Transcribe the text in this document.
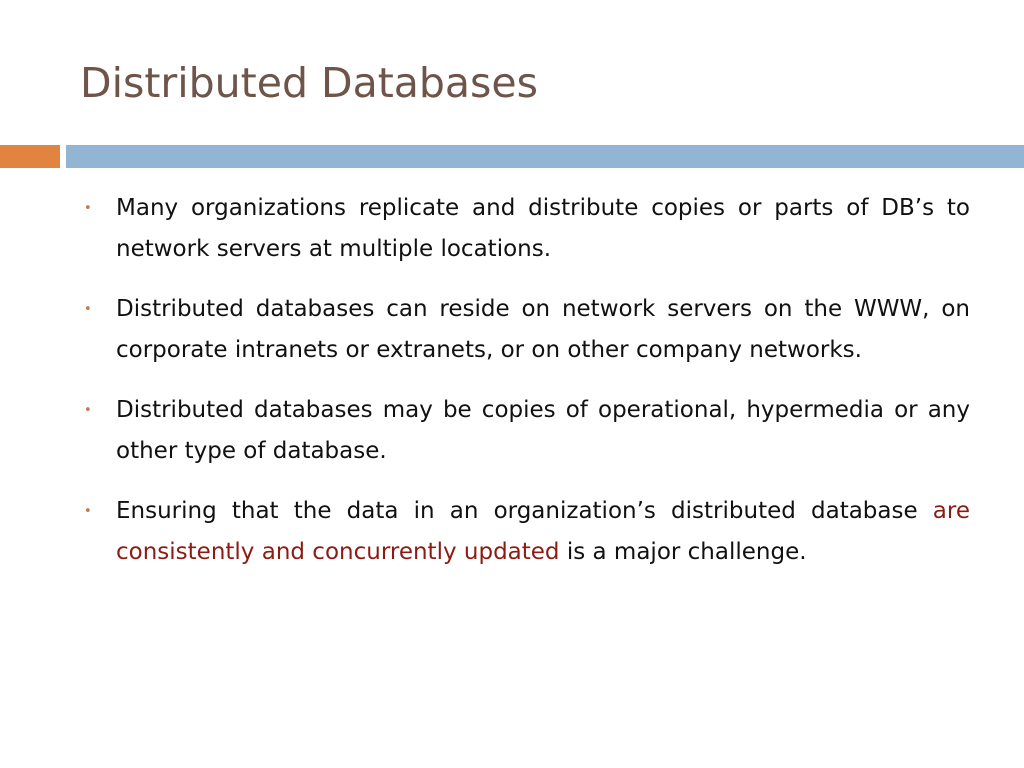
Distributed Databases
• Many organizations replicate and distribute copies or parts of DB’s to network servers at multiple locations.
• Distributed databases can reside on network servers on the WWW, on corporate intranets or extranets, or on other company networks.
• Distributed databases may be copies of operational, hypermedia or any other type of database.
• Ensuring that the data in an organization’s distributed database are consistently and concurrently updated is a major challenge.
